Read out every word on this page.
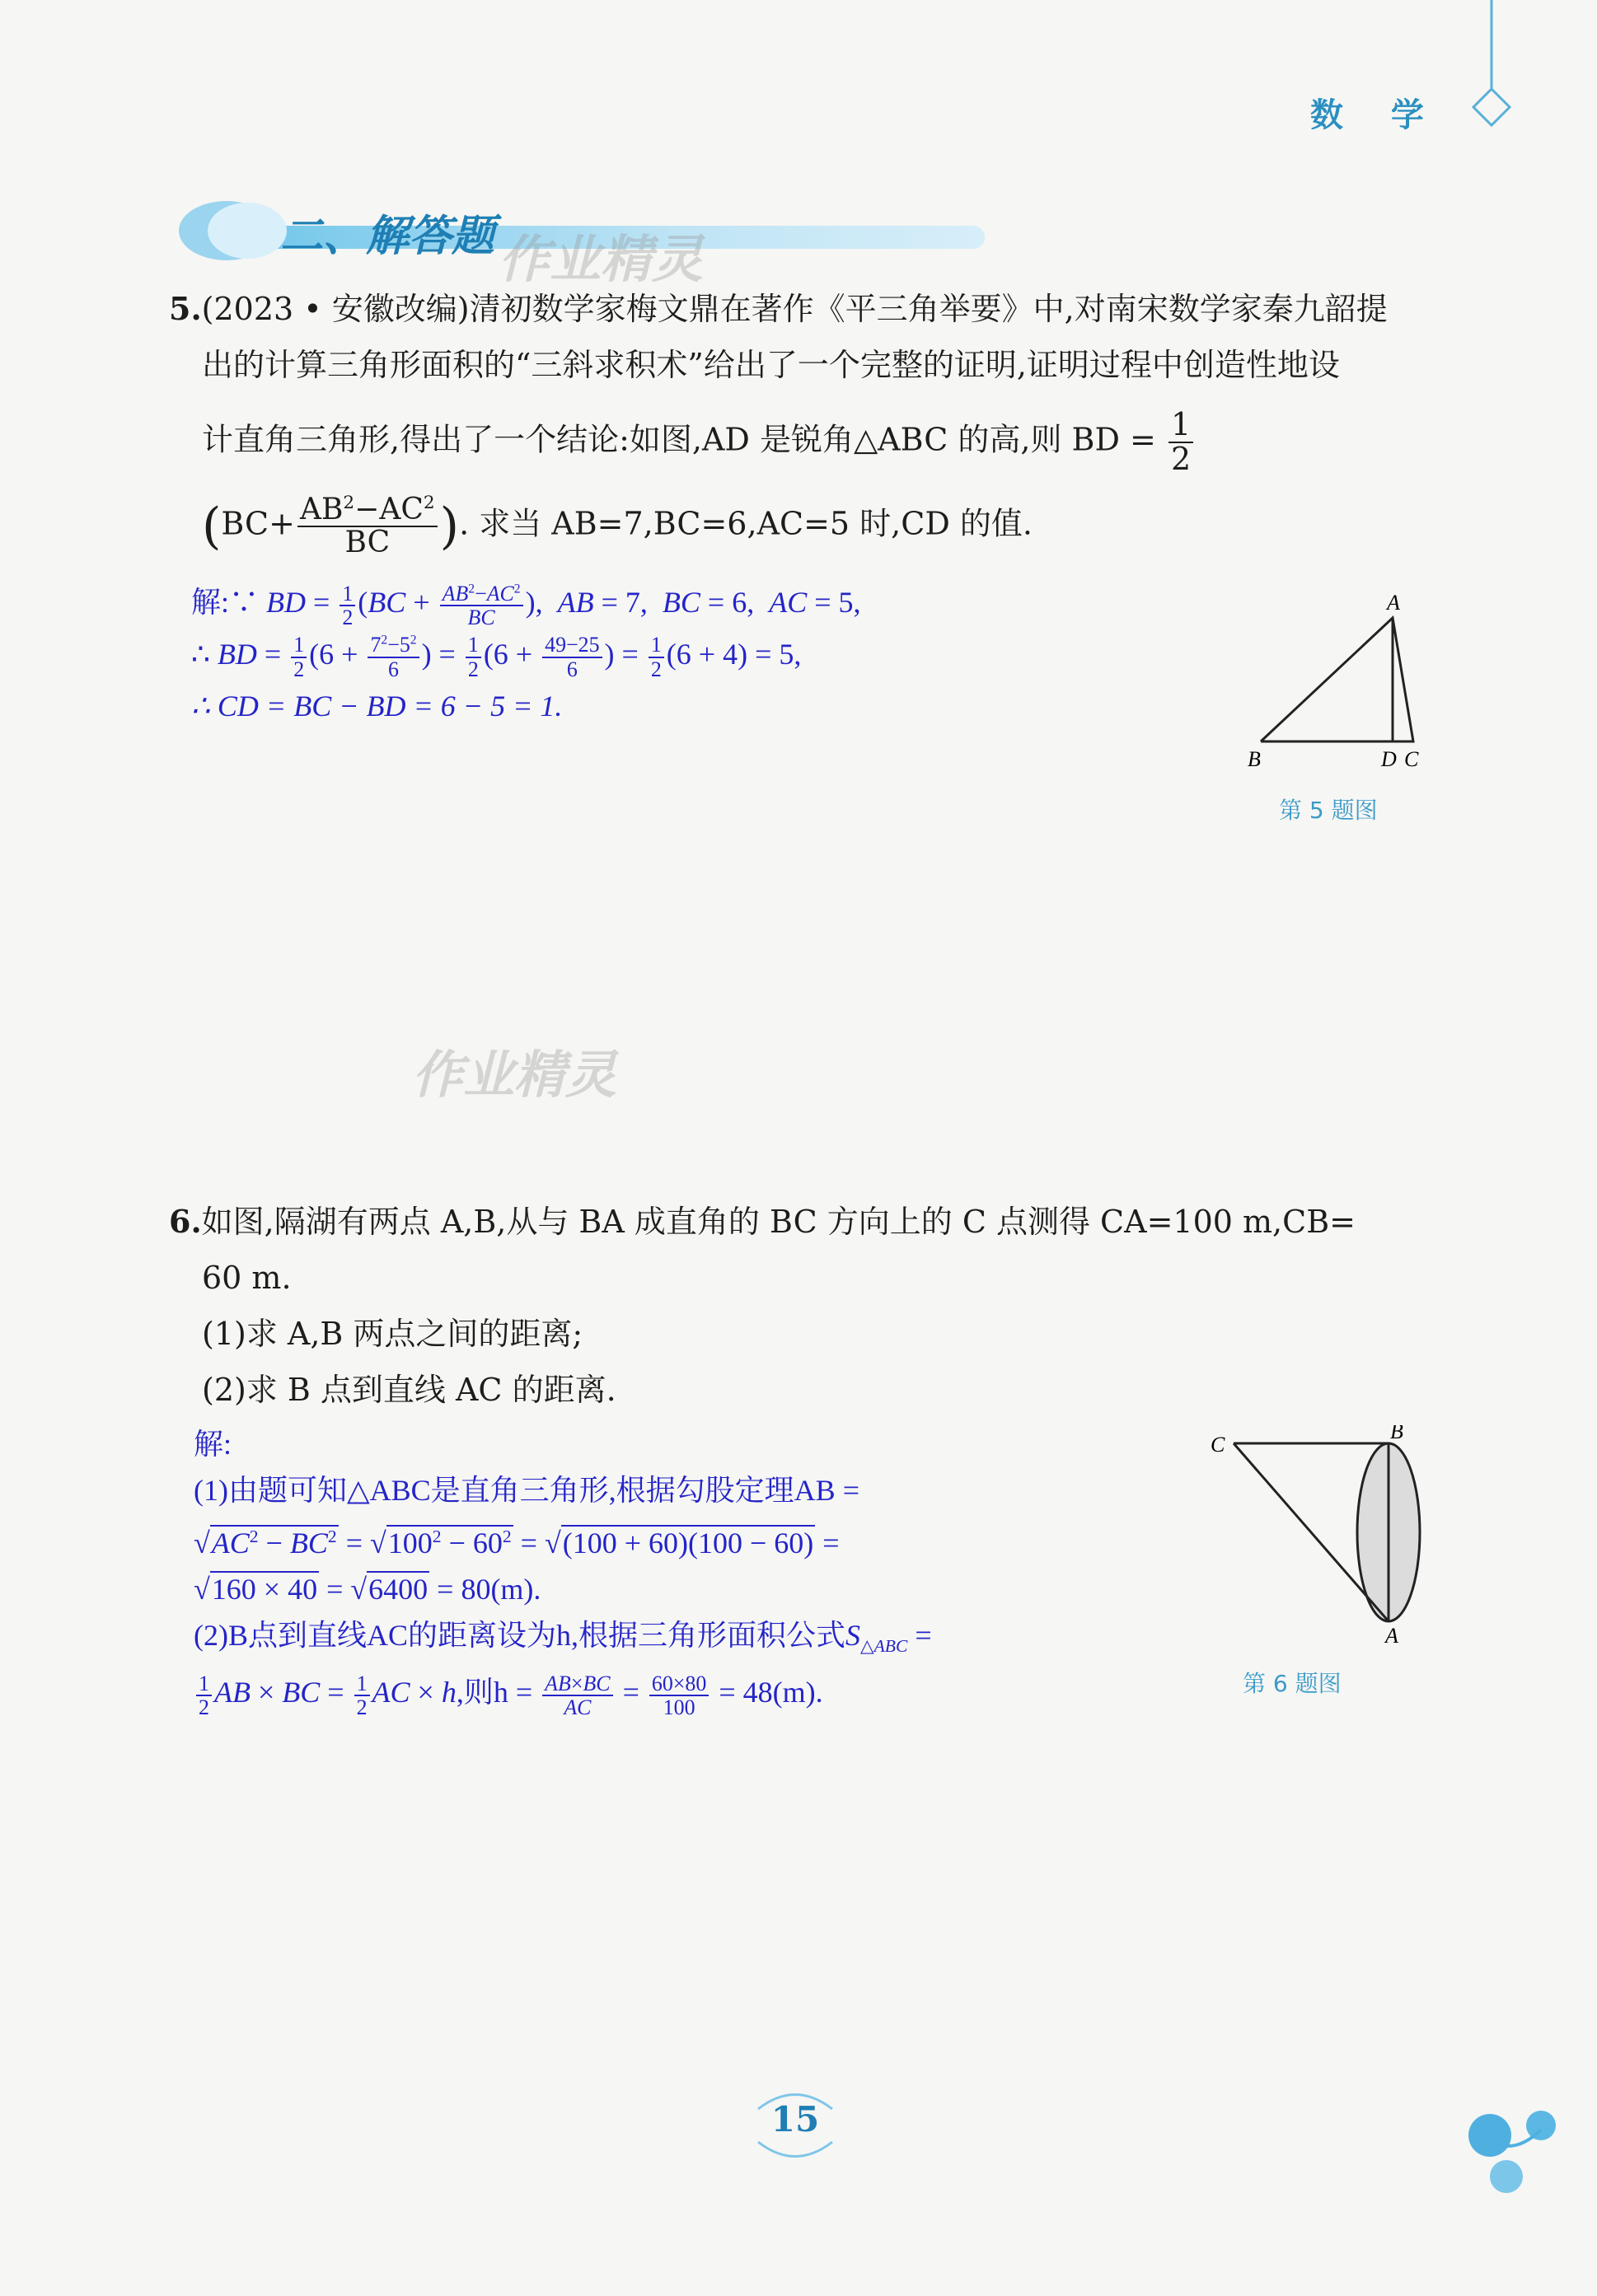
数 学
二、解答题 作业精灵
5.(2023 • 安徽改编)清初数学家梅文鼎在著作《平三角举要》中,对南宋数学家秦九韶提
出的计算三角形面积的“三斜求积术”给出了一个完整的证明,证明过程中创造性地设
计直角三角形,得出了一个结论:如图,AD 是锐角△ABC 的高,则 BD = $\frac{1}{2}$
($BC+ \frac{AB^2-AC^2}{BC}$ ). 求当 AB=7,BC=6,AC=5 时,CD 的值.
解:∵ BD = $\frac{1}{2} (BC + \frac{AB^2-AC^2}{BC}$ ),  AB = 7,  BC = 6,  AC = 5,
∴ BD = $\frac{1}{2} (6 + \frac{7^2-5^2}{6}$ ) = $\frac{1}{2} (6 + \frac{49-25}{6}$ ) = $\frac{1}{2} (6 + 4) = 5$,
∴ CD = BC − BD = 6 − 5 = 1.
A
B	D C
第 5 题图
作业精灵
6.如图,隔湖有两点 A,B,从与 BA 成直角的 BC 方向上的 C 点测得 CA=100 m,CB=
60 m.
(1)求 A,B 两点之间的距离;
(2)求 B 点到直线 AC 的距离.
解:
(1)由题可知△ABC是直角三角形,根据勾股定理AB =
$√AC^2 - BC^2 = √100^2 - 60^2 = √(100 + 60)(100 - 60)$ =
√160 × 40 = √6400 = 80(m).
(2)B点到直线AC的距离设为h,根据三角形面积公式$S_{\triangle ABC}$ =
$\frac{1}{2}$ AB × BC = $\frac{1}{2}$ AC × h,则$h = \frac{AB\times BC}{AC} = \frac{60\times 80}{100} = 48(m)$.
C
B
A
第 6 题图
15
